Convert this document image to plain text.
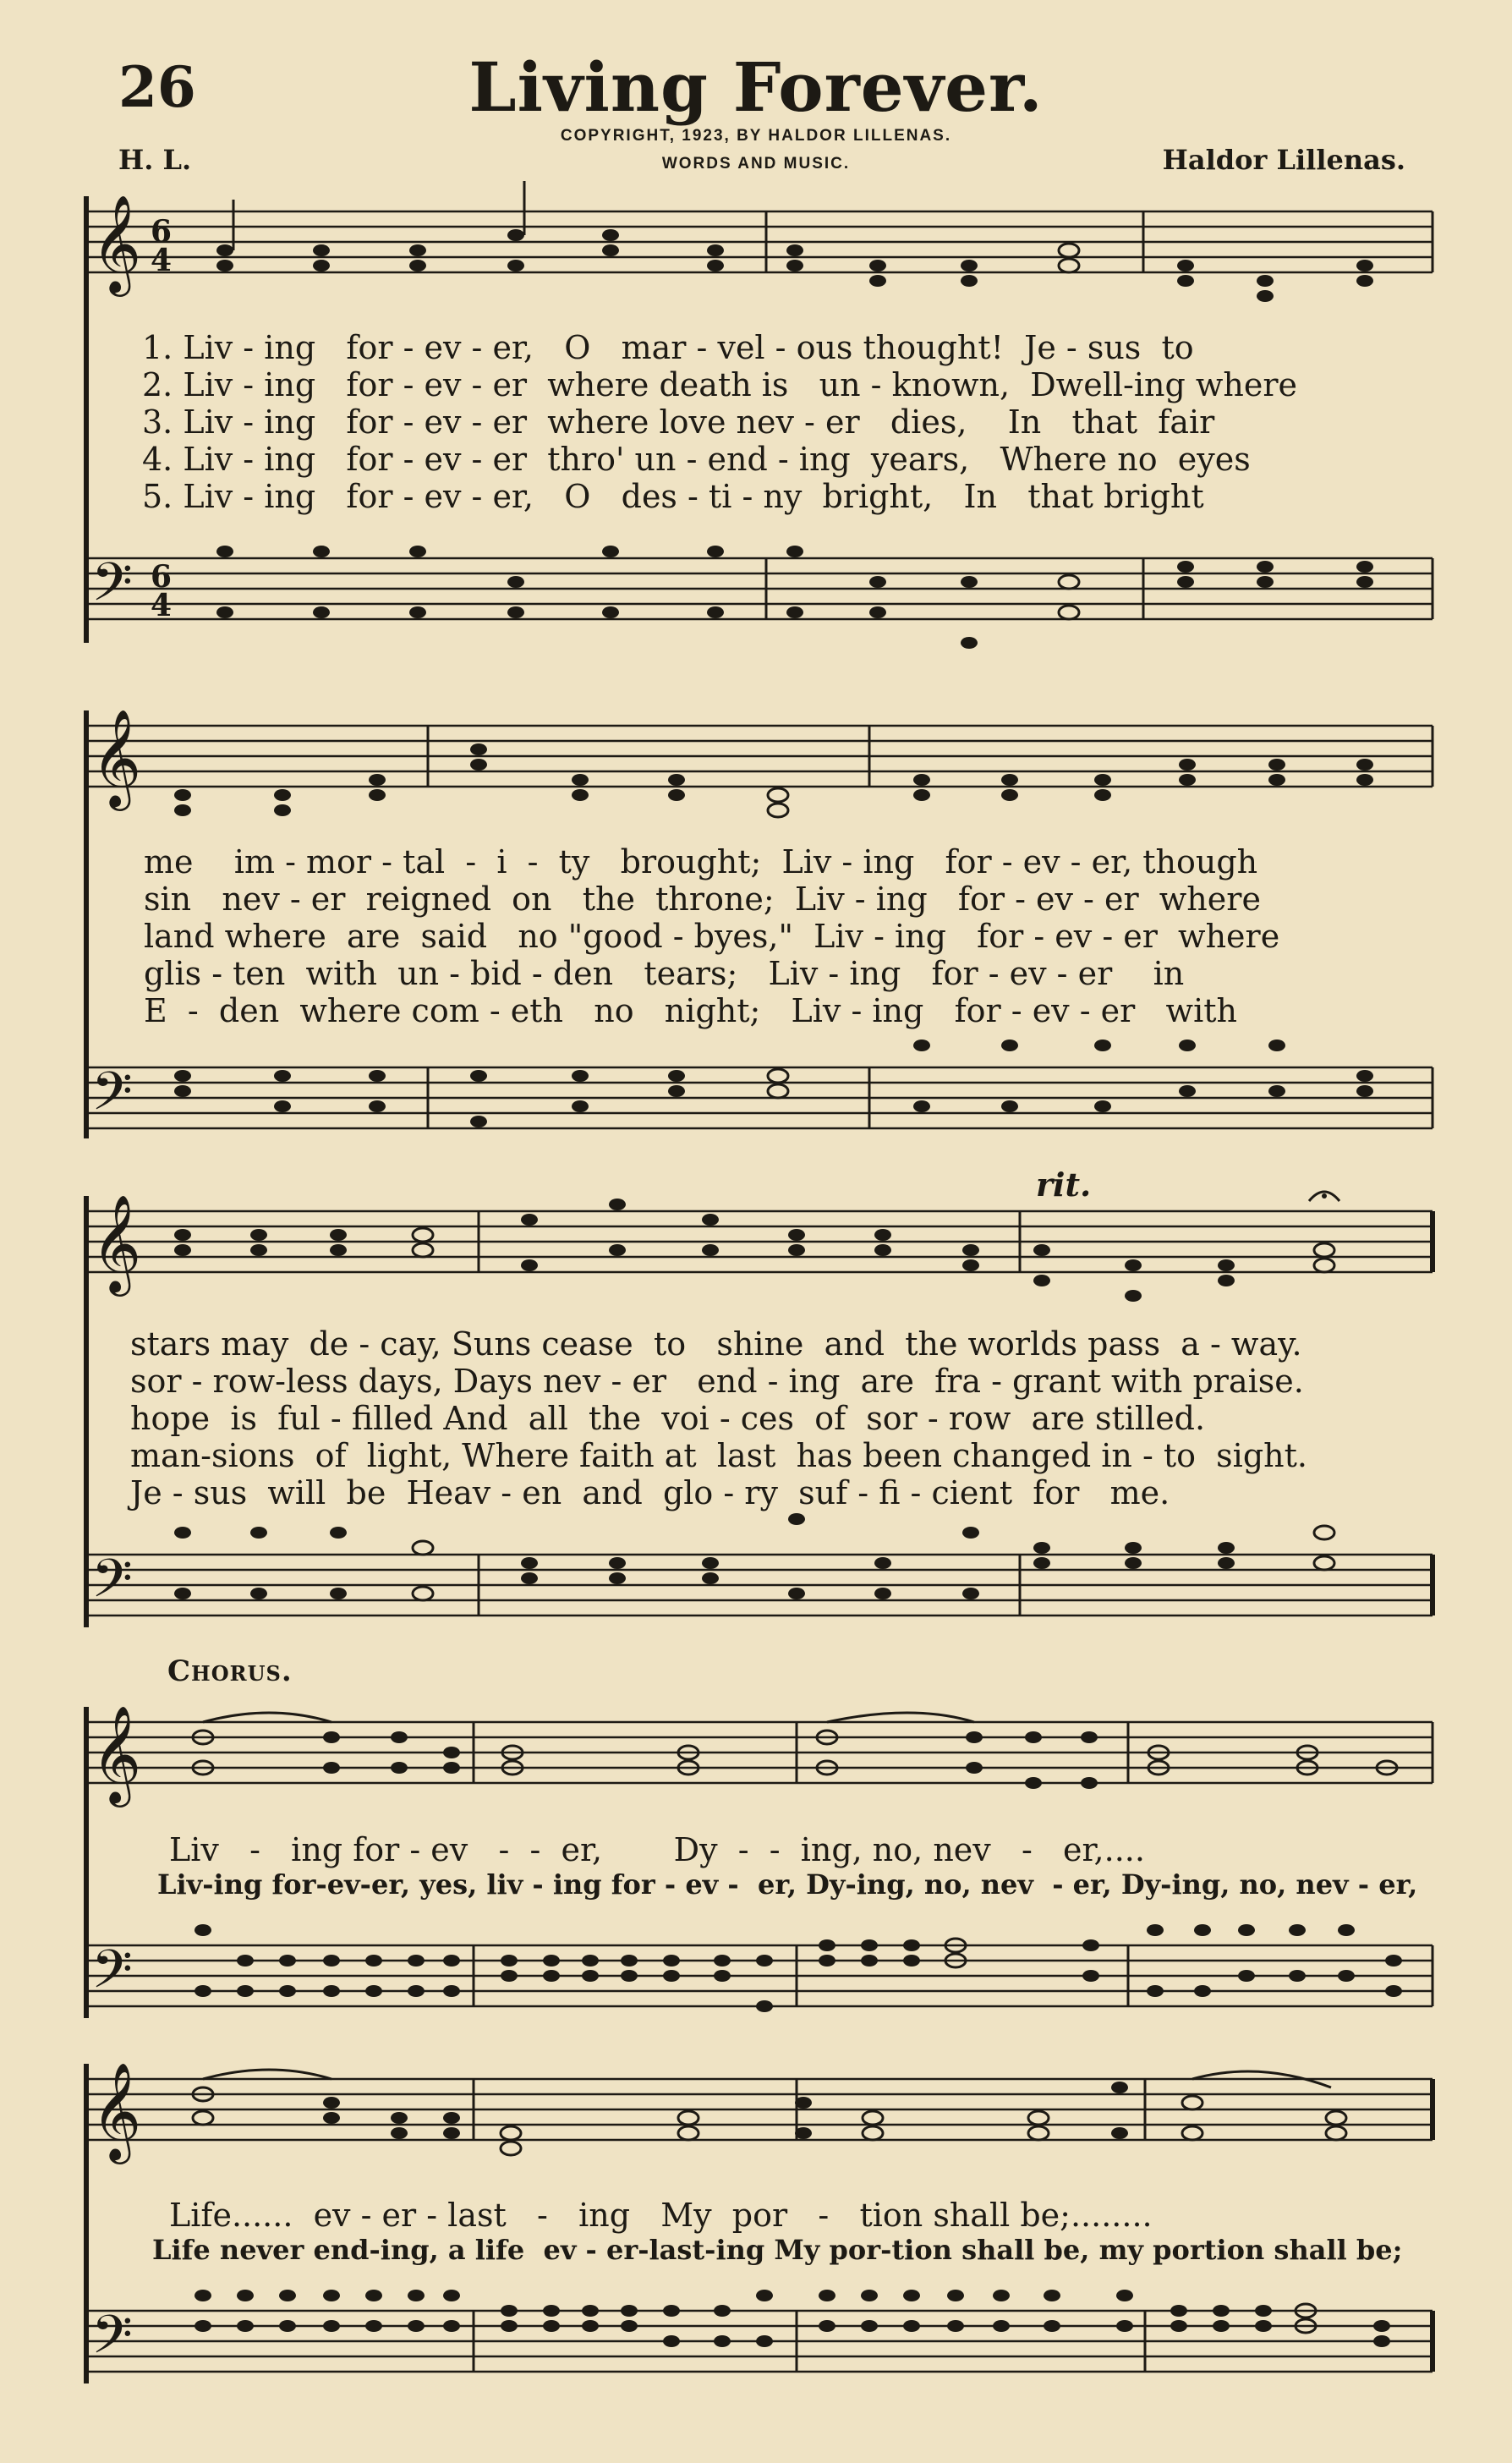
26	Living Forever.
COPYRIGHT, 1923, BY HALDOR LILLENAS.
WORDS AND MUSIC.
H. L.	Haldor Lillenas.
𝄞
𝄢
6
4
6
4
𝄞
𝄢
𝄞
𝄢
𝄞
𝄢
𝄞
𝄢
rit.
Chorus.
1. Liv - ing   for - ev - er,   O   mar - vel - ous thought!  Je - sus  to
2. Liv - ing   for - ev - er  where death is   un - known,  Dwell-ing where
3. Liv - ing   for - ev - er  where love nev - er   dies,    In   that  fair
4. Liv - ing   for - ev - er  thro' un - end - ing  years,   Where no  eyes
5. Liv - ing   for - ev - er,   O   des - ti - ny  bright,   In   that bright
me    im - mor - tal  -  i  -  ty   brought;  Liv - ing   for - ev - er, though
sin   nev - er  reigned  on   the  throne;  Liv - ing   for - ev - er  where
land where  are  said   no "good - byes,"  Liv - ing   for - ev - er  where
glis - ten  with  un - bid - den   tears;   Liv - ing   for - ev - er    in
E  -  den  where com - eth   no   night;   Liv - ing   for - ev - er   with
stars may  de - cay, Suns cease  to   shine  and  the worlds pass  a - way.
sor - row-less days, Days nev - er   end - ing  are  fra - grant with praise.
hope  is  ful - filled And  all  the  voi - ces  of  sor - row  are stilled.
man-sions  of  light, Where faith at  last  has been changed in - to  sight.
Je - sus  will  be  Heav - en  and  glo - ry  suf - fi - cient  for   me.
Liv   -   ing for - ev   -  -  er,       Dy  -  -  ing, no, nev   -   er,....
Liv-ing for-ev-er, yes, liv - ing for - ev -  er, Dy-ing, no, nev  - er, Dy-ing, no, nev - er,
Life......  ev - er - last   -   ing   My  por   -   tion shall be;........
Life never end-ing, a life  ev - er-last-ing My por-tion shall be, my portion shall be;
